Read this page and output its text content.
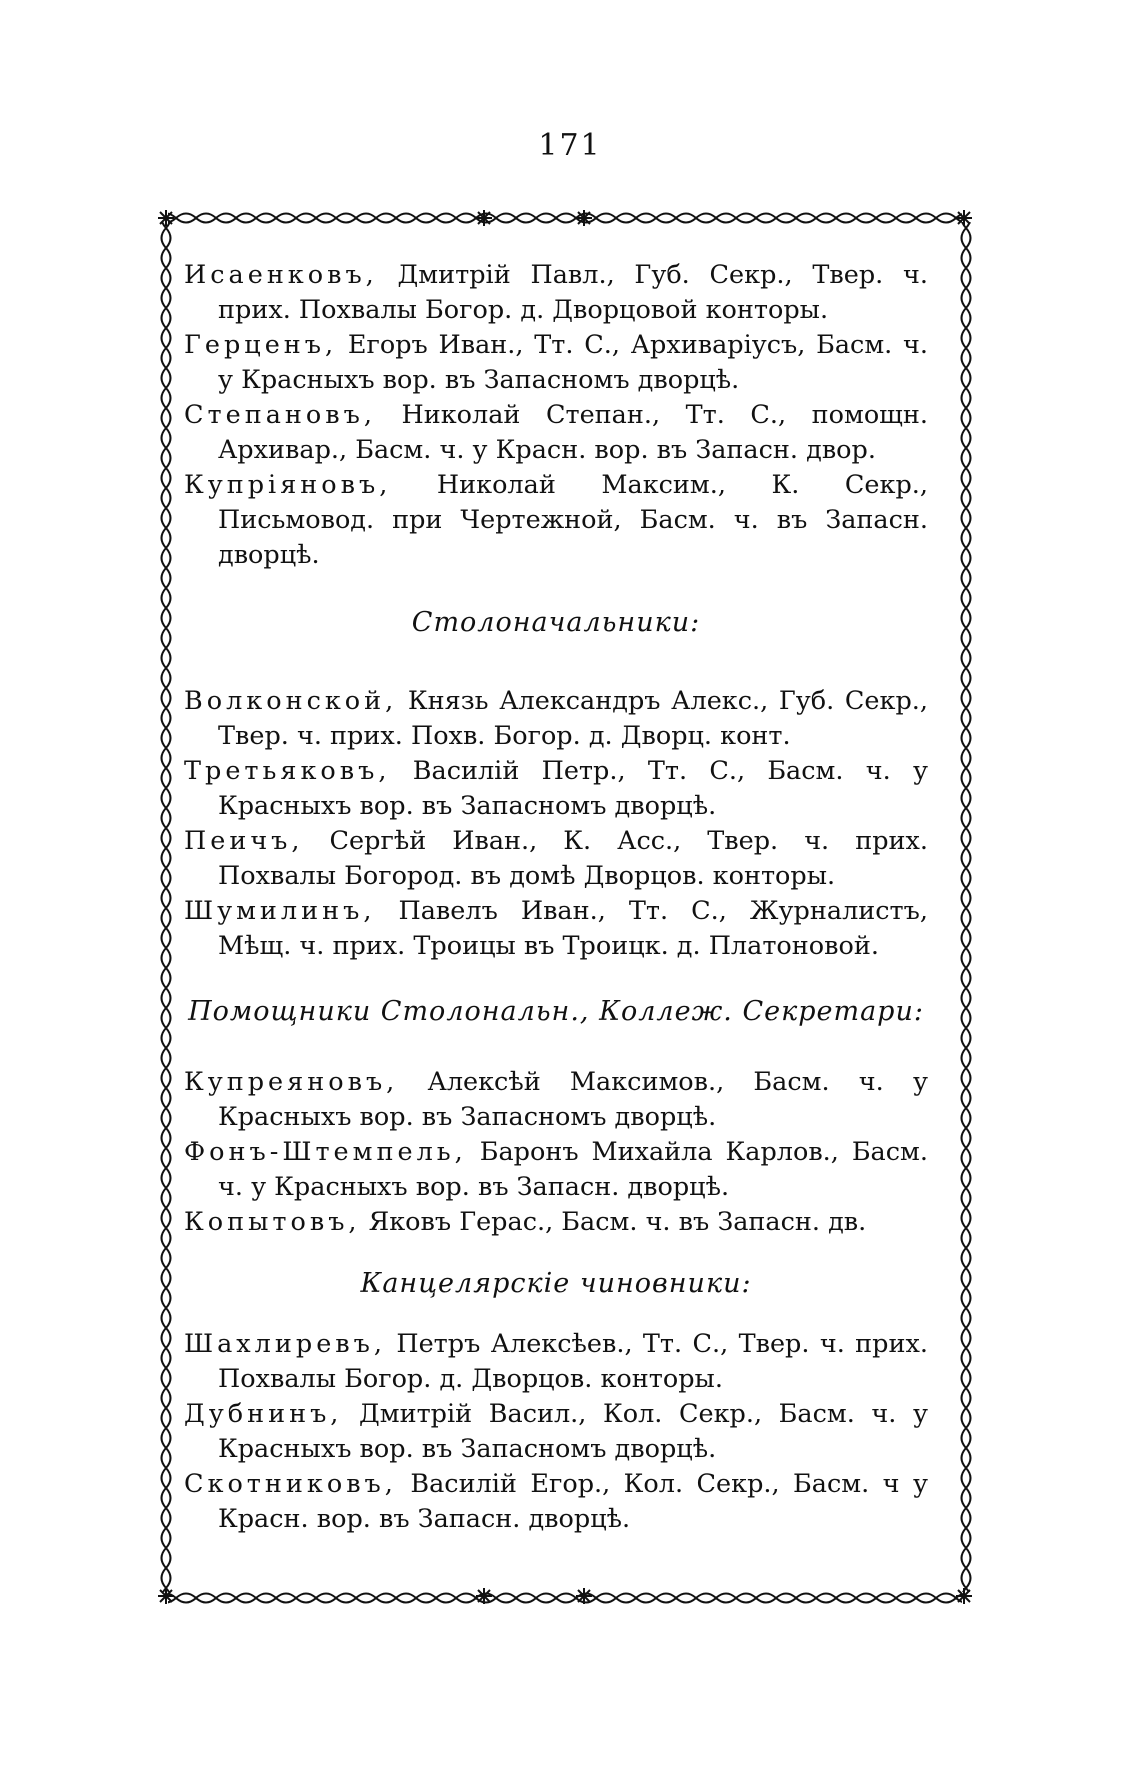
171

Исаенковъ, Дмитрій Павл., Губ. Секр., Твер. ч. прих. Похвалы Богор. д. Дворцовой конторы.

Герценъ, Егоръ Иван., Тт. С., Архиваріусъ, Басм. ч. у Красныхъ вор. въ Запасномъ дворцѣ.

Степановъ, Николай Степан., Тт. С., помощн. Архивар., Басм. ч. у Красн. вор. въ Запасн. двор.

Купріяновъ, Николай Максим., К. Секр., Письмовод. при Чертежной, Басм. ч. въ Запасн. дворцѣ.

Столоначальники:

Волконской, Князь Александръ Алекс., Губ. Секр., Твер. ч. прих. Похв. Богор. д. Дворц. конт.

Третьяковъ, Василій Петр., Тт. С., Басм. ч. у Красныхъ вор. въ Запасномъ дворцѣ.

Пеичъ, Сергѣй Иван., К. Асс., Твер. ч. прих. Похвалы Богород. въ домѣ Дворцов. конторы.

Шумилинъ, Павелъ Иван., Тт. С., Журналистъ, Мѣщ. ч. прих. Троицы въ Троицк. д. Платоновой.

Помощники Столональн., Коллеж. Секретари:

Купреяновъ, Алексѣй Максимов., Басм. ч. у Красныхъ вор. въ Запасномъ дворцѣ.

Фонъ-Штемпель, Баронъ Михайла Карлов., Басм. ч. у Красныхъ вор. въ Запасн. дворцѣ.

Копытовъ, Яковъ Герас., Басм. ч. въ Запасн. дв.

Канцелярскіе чиновники:

Шахлиревъ, Петръ Алексѣев., Тт. С., Твер. ч. прих. Похвалы Богор. д. Дворцов. конторы.

Дубнинъ, Дмитрій Васил., Кол. Секр., Басм. ч. у Красныхъ вор. въ Запасномъ дворцѣ.

Скотниковъ, Василій Егор., Кол. Секр., Басм. ч у Красн. вор. въ Запасн. дворцѣ.
